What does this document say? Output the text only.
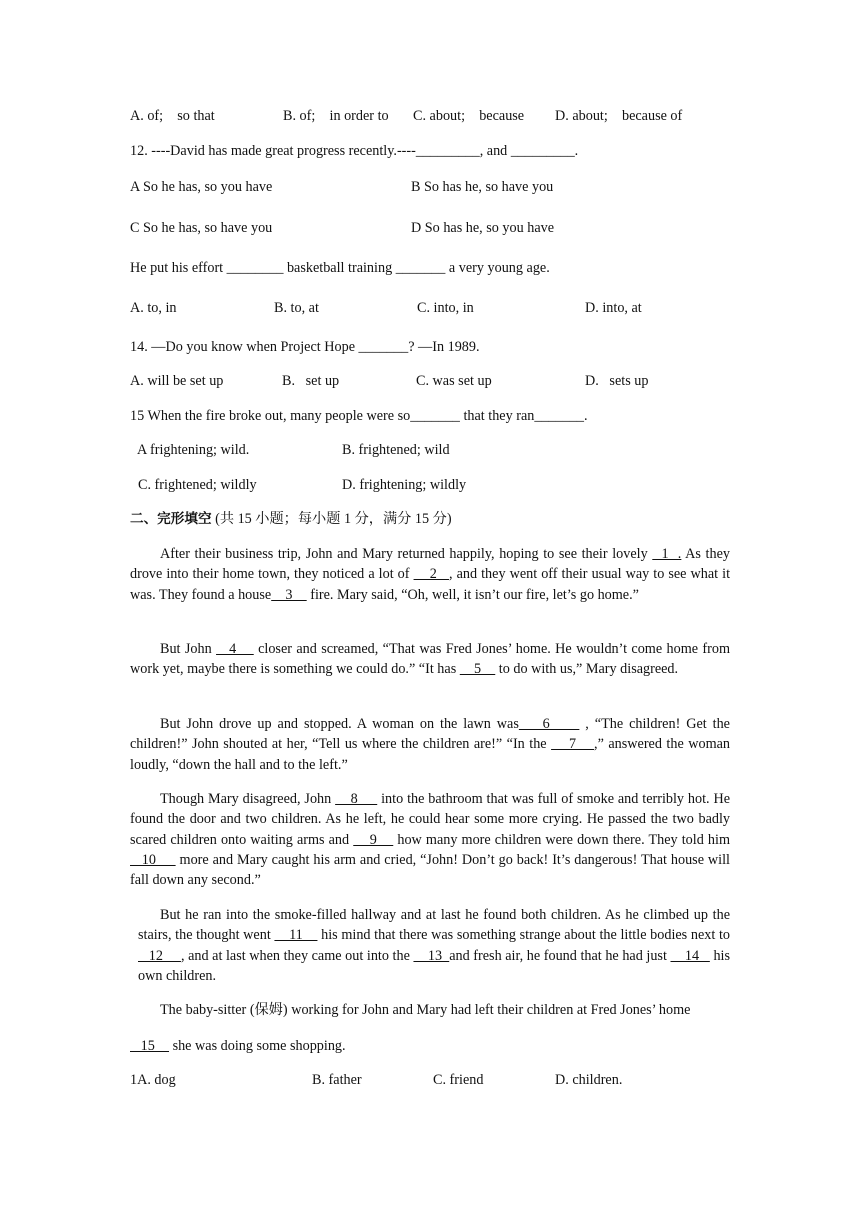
A. of;    so that	B. of;    in order to C. about;    because D. about;    because of
12. ----David has made great progress recently.----_________, and _________.
A So he has, so you have	B So has he, so have you
C So he has, so have you	D So has he, so you have
He put his effort ________ basketball training _______ a very young age.
A. to, in	B. to, at	C. into, in	D. into, at
14. —Do you know when Project Hope _______? —In 1989.
A. will be set up	B.   set up	C. was set up	D.   sets up
15 When the fire broke out, many people were so_______ that they ran_______.
A frightening; wild.	B. frightened; wild
C. frightened; wildly	D. frightening; wildly
二、完形填空 (共 15 小题；每小题 1 分，满分 15 分)
After their business trip, John and Mary returned happily, hoping to see their lovely   1  . As they drove into their home town, they noticed a lot of     2   , and they went off their usual way to see what it was. They found a house    3     fire. Mary said, “Oh, well, it isn’t our fire, let’s go home.”
But John    4     closer and screamed, “That was Fred Jones’ home. He wouldn’t come home from work yet, maybe there is something we could do.” “It has     5     to do with us,” Mary disagreed.
But John drove up and stopped. A woman on the lawn was    6      , “The children! Get the children!” John shouted at her, “Tell us where the children are!” “In the     7    ,” answered the woman loudly, “down the hall and to the left.”
Though Mary disagreed, John     8      into the bathroom that was full of smoke and terribly hot. He found the door and two children. As he left, he could hear some more crying. He passed the two badly scared children onto waiting arms and     9     how many more children were down there. They told him    10      more and Mary caught his arm and cried, “John! Don’t go back! It’s dangerous! That house will fall down any second.”
But he ran into the smoke-filled hallway and at last he found both children. As he climbed up the stairs, the thought went     11     his mind that there was something strange about the little bodies next to    12     , and at last when they came out into the     13  and fresh air, he found that he had just     14    his own children.
The baby-sitter (保姆) working for John and Mary had left their children at Fred Jones’ home
15     she was doing some shopping.
1A. dog	B. father	C. friend	D. children.
